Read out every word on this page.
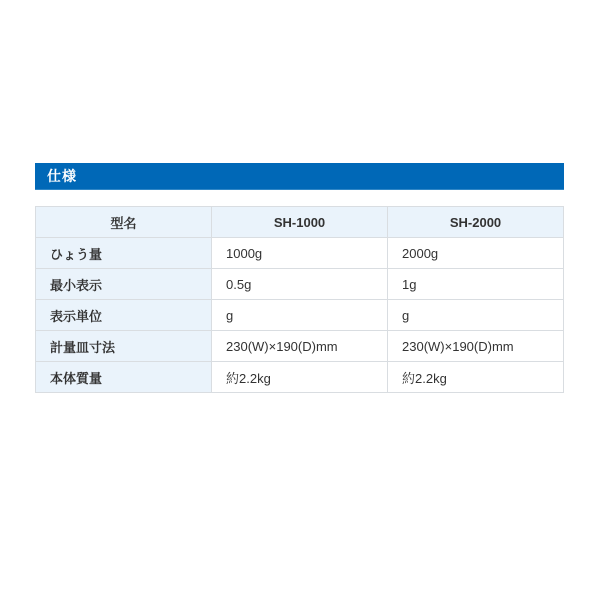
仕様
型名	SH-1000	SH-2000
ひょう量	1000g	2000g
最小表示	0.5g	1g
表示単位	g	g
計量皿寸法	230(W)×190(D)mm	230(W)×190(D)mm
本体質量	約2.2kg	約2.2kg
